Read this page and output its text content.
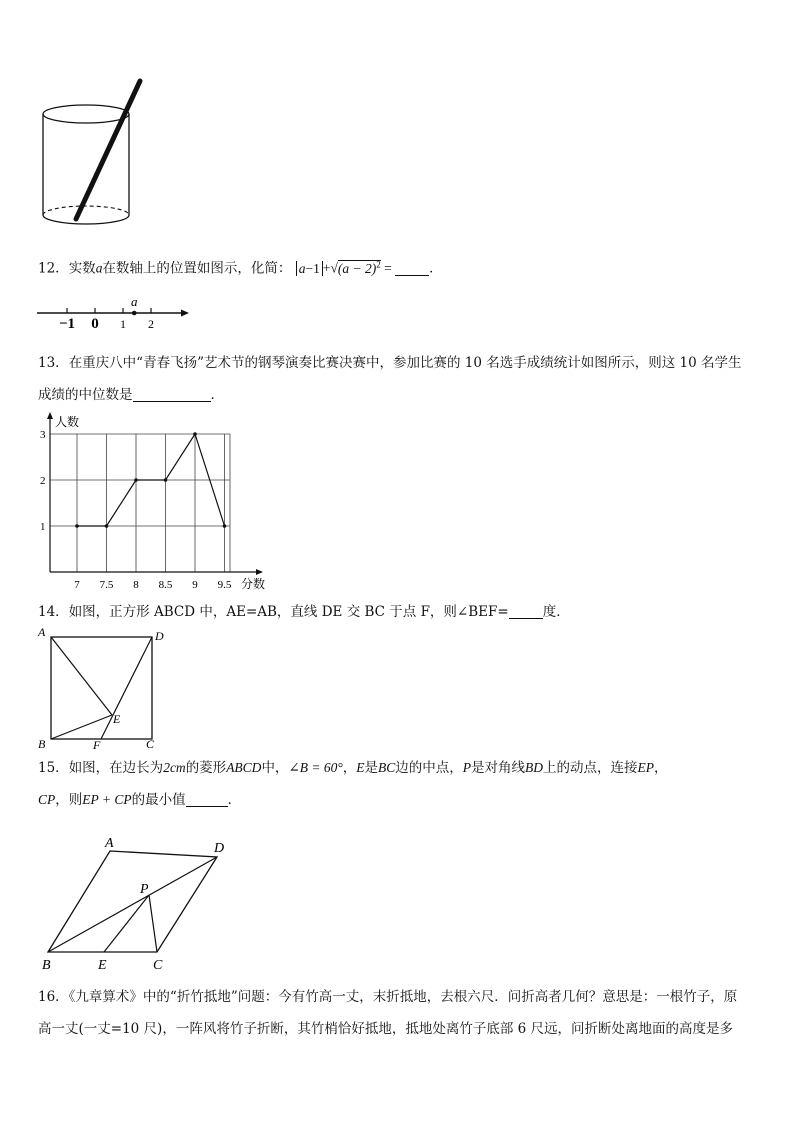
12．实数a在数轴上的位置如图示，化简： $a-1 +√(a - 2)^2$ =	．
−1 0 1 2
a
13．在重庆八中“青春飞扬”艺术节的钢琴演奏比赛决赛中，参加比赛的 10 名选手成绩统计如图所示，则这 10 名学生
成绩的中位数是	．
人数
分数
7 7.5 8 8.5 9 9.5
1
2
3
14．如图，正方形 ABCD 中，AE=AB，直线 DE 交 BC 于点 F，则∠BEF=	度．
A	D
B	C
E
F
15．如图，在边长为2cm的菱形ABCD中，∠B = 60°，E是BC边的中点，P是对角线BD上的动点，连接EP，
CP，则EP + CP的最小值	．
A	D
P
B	E	C
16．《九章算术》中的“折竹抵地”问题：今有竹高一丈，末折抵地，去根六尺．问折高者几何？意思是：一根竹子，原
高一丈(一丈=10 尺)，一阵风将竹子折断，其竹梢恰好抵地，抵地处离竹子底部 6 尺远，问折断处离地面的高度是多
